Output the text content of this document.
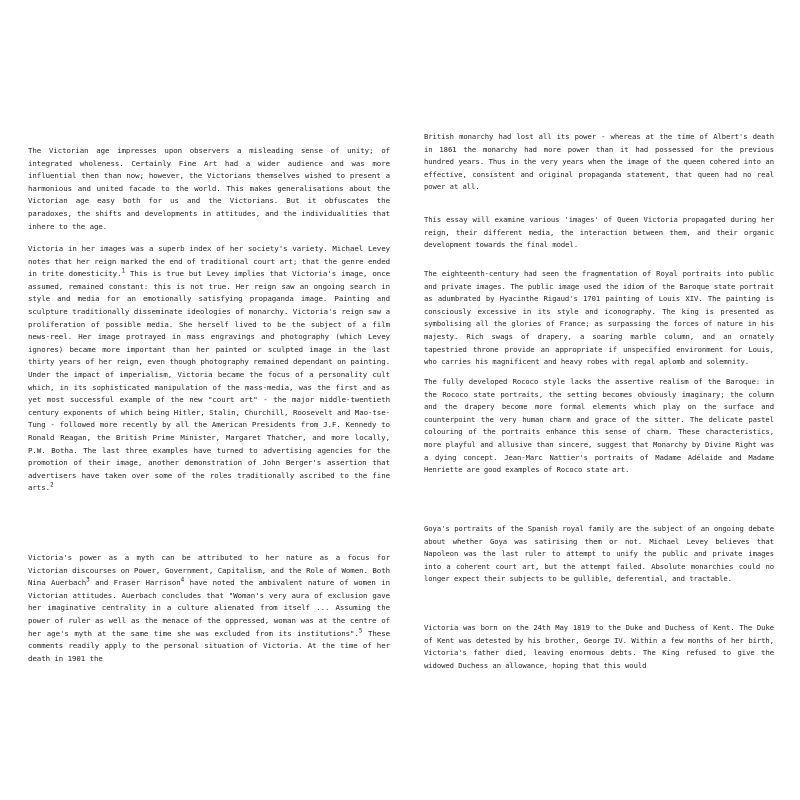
The Victorian age impresses upon observers a misleading sense of unity; of integrated wholeness. Certainly Fine Art had a wider audience and was more influential then than now; however, the Victorians themselves wished to present a harmonious and united facade to the world. This makes generalisations about the Victorian age easy both for us and the Victorians. But it obfuscates the paradoxes, the shifts and developments in attitudes, and the individualities that inhere to the age.

Victoria in her images was a superb index of her society's variety. Michael Levey notes that her reign marked the end of traditional court art; that the genre ended in trite domesticity.$^1$ This is true but Levey implies that Victoria's image, once assumed, remained constant: this is not true. Her reign saw an ongoing search in style and media for an emotionally satisfying propaganda image. Painting and sculpture traditionally disseminate ideologies of monarchy. Victoria's reign saw a proliferation of possible media. She herself lived to be the subject of a film news-reel. Her image protrayed in mass engravings and photography (which Levey ignores) became more important than her painted or sculpted image in the last thirty years of her reign, even though photography remained dependant on painting. Under the impact of imperialism, Victoria became the focus of a personality cult which, in its sophisticated manipulation of the mass-media, was the first and as yet most successful example of the new "court art" - the major middle-twentieth century exponents of which being Hitler, Stalin, Churchill, Roosevelt and Mao-tse-Tung - followed more recently by all the American Presidents from J.F. Kennedy to Ronald Reagan, the British Prime Minister, Margaret Thatcher, and more locally, P.W. Botha. The last three examples have turned to advertising agencies for the promotion of their image, another demonstration of John Berger's assertion that advertisers have taken over some of the roles traditionally ascribed to the fine arts.$^2$

Victoria's power as a myth can be attributed to her nature as a focus for Victorian discourses on Power, Government, Capitalism, and the Role of Women. Both Nina Auerbach$^3$ and Fraser Harrison$^4$ have noted the ambivalent nature of women in Victorian attitudes. Auerbach concludes that "Woman's very aura of exclusion gave her imaginative centrality in a culture alienated from itself ... Assuming the power of ruler as well as the menace of the oppressed, woman was at the centre of her age's myth at the same time she was excluded from its institutions".$^5$ These comments readily apply to the personal situation of Victoria. At the time of her death in 1901 the

British monarchy had lost all its power - whereas at the time of Albert's death in 1861 the monarchy had more power than it had possessed for the previous hundred years. Thus in the very years when the image of the queen cohered into an effective, consistent and original propaganda statement, that queen had no real power at all.

This essay will examine various 'images' of Queen Victoria propagated during her reign, their different media, the interaction between them, and their organic development towards the final model.

The eighteenth-century had seen the fragmentation of Royal portraits into public and private images. The public image used the idiom of the Baroque state portrait as adumbrated by Hyacinthe Rigaud's 1701 painting of Louis XIV. The painting is consciously excessive in its style and iconography. The king is presented as symbolising all the glories of France; as surpassing the forces of nature in his majesty. Rich swags of drapery, a soaring marble column, and an ornately tapestried throne provide an appropriate if unspecified environment for Louis, who carries his magnificent and heavy robes with regal aplomb and solemnity.

The fully developed Rococo style lacks the assertive realism of the Baroque: in the Rococo state portraits, the setting becomes obviously imaginary; the column and the drapery become more formal elements which play on the surface and counterpoint the very human charm and grace of the sitter. The delicate pastel colouring of the portraits enhance this sense of charm. These characteristics, more playful and allusive than sincere, suggest that Monarchy by Divine Right was a dying concept. Jean-Marc Nattier's portraits of Madame Adélaide and Madame Henriette are good examples of Rococo state art.

Goya's portraits of the Spanish royal family are the subject of an ongoing debate about whether Goya was satirising them or not. Michael Levey believes that Napoleon was the last ruler to attempt to unify the public and private images into a coherent court art, but the attempt failed. Absolute monarchies could no longer expect their subjects to be gullible, deferential, and tractable.

Victoria was born on the 24th May 1819 to the Duke and Duchess of Kent. The Duke of Kent was detested by his brother, George IV. Within a few months of her birth, Victoria's father died, leaving enormous debts. The King refused to give the widowed Duchess an allowance, hoping that this would
